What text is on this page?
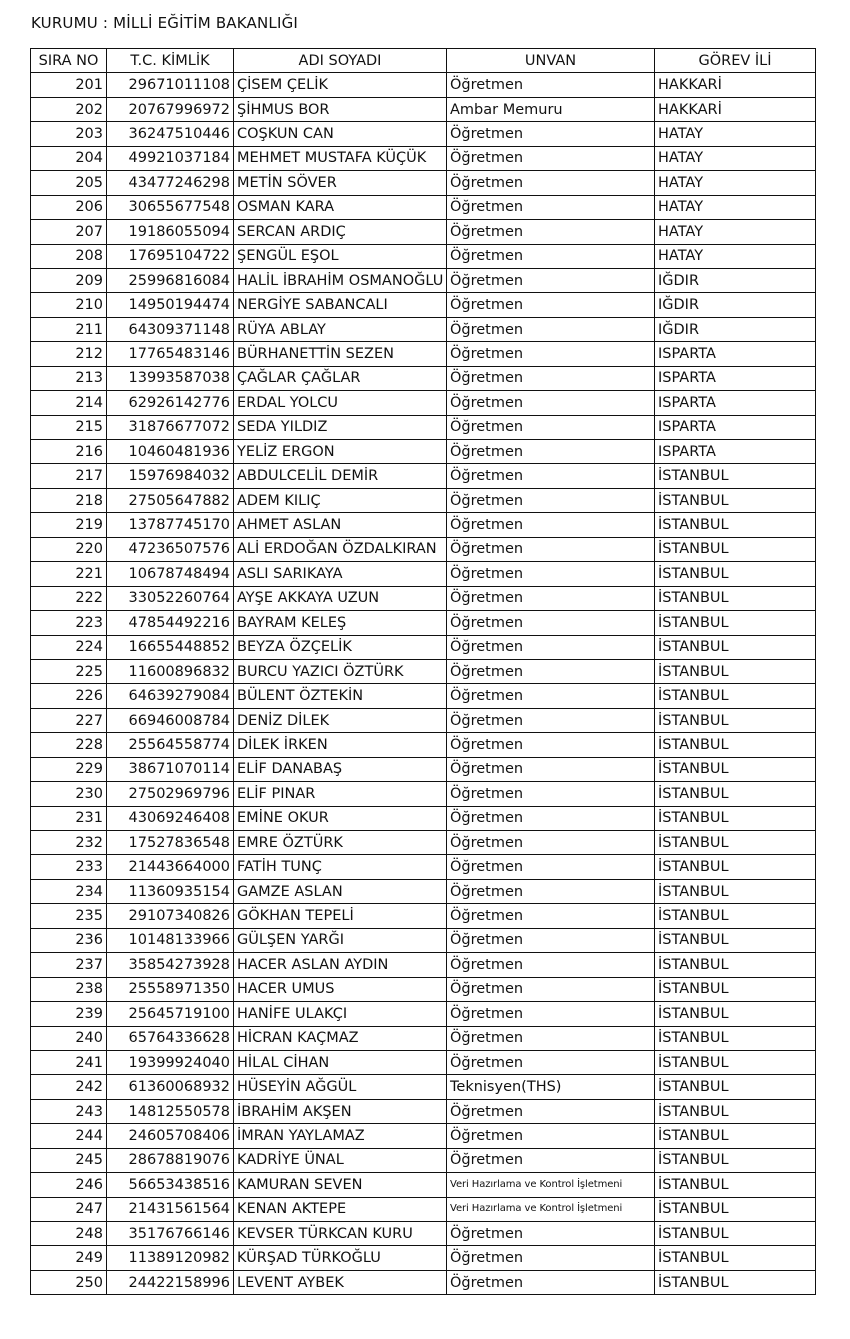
KURUMU : MİLLİ EĞİTİM BAKANLIĞI
SIRA NO	T.C. KİMLİK	ADI SOYADI	UNVAN	GÖREV İLİ
201	29671011108	ÇİSEM ÇELİK	Öğretmen	HAKKARİ
202	20767996972	ŞİHMUS BOR	Ambar Memuru	HAKKARİ
203	36247510446	COŞKUN CAN	Öğretmen	HATAY
204	49921037184	MEHMET MUSTAFA KÜÇÜK	Öğretmen	HATAY
205	43477246298	METİN SÖVER	Öğretmen	HATAY
206	30655677548	OSMAN KARA	Öğretmen	HATAY
207	19186055094	SERCAN ARDIÇ	Öğretmen	HATAY
208	17695104722	ŞENGÜL EŞOL	Öğretmen	HATAY
209	25996816084	HALİL İBRAHİM OSMANOĞLU	Öğretmen	IĞDIR
210	14950194474	NERGİYE SABANCALI	Öğretmen	IĞDIR
211	64309371148	RÜYA ABLAY	Öğretmen	IĞDIR
212	17765483146	BÜRHANETTİN SEZEN	Öğretmen	ISPARTA
213	13993587038	ÇAĞLAR ÇAĞLAR	Öğretmen	ISPARTA
214	62926142776	ERDAL YOLCU	Öğretmen	ISPARTA
215	31876677072	SEDA YILDIZ	Öğretmen	ISPARTA
216	10460481936	YELİZ ERGON	Öğretmen	ISPARTA
217	15976984032	ABDULCELİL DEMİR	Öğretmen	İSTANBUL
218	27505647882	ADEM KILIÇ	Öğretmen	İSTANBUL
219	13787745170	AHMET ASLAN	Öğretmen	İSTANBUL
220	47236507576	ALİ ERDOĞAN ÖZDALKIRAN	Öğretmen	İSTANBUL
221	10678748494	ASLI SARIKAYA	Öğretmen	İSTANBUL
222	33052260764	AYŞE AKKAYA UZUN	Öğretmen	İSTANBUL
223	47854492216	BAYRAM KELEŞ	Öğretmen	İSTANBUL
224	16655448852	BEYZA ÖZÇELİK	Öğretmen	İSTANBUL
225	11600896832	BURCU YAZICI ÖZTÜRK	Öğretmen	İSTANBUL
226	64639279084	BÜLENT ÖZTEKİN	Öğretmen	İSTANBUL
227	66946008784	DENİZ DİLEK	Öğretmen	İSTANBUL
228	25564558774	DİLEK İRKEN	Öğretmen	İSTANBUL
229	38671070114	ELİF DANABAŞ	Öğretmen	İSTANBUL
230	27502969796	ELİF PINAR	Öğretmen	İSTANBUL
231	43069246408	EMİNE OKUR	Öğretmen	İSTANBUL
232	17527836548	EMRE ÖZTÜRK	Öğretmen	İSTANBUL
233	21443664000	FATİH TUNÇ	Öğretmen	İSTANBUL
234	11360935154	GAMZE ASLAN	Öğretmen	İSTANBUL
235	29107340826	GÖKHAN TEPELİ	Öğretmen	İSTANBUL
236	10148133966	GÜLŞEN YARĞI	Öğretmen	İSTANBUL
237	35854273928	HACER ASLAN AYDIN	Öğretmen	İSTANBUL
238	25558971350	HACER UMUS	Öğretmen	İSTANBUL
239	25645719100	HANİFE ULAKÇI	Öğretmen	İSTANBUL
240	65764336628	HİCRAN KAÇMAZ	Öğretmen	İSTANBUL
241	19399924040	HİLAL CİHAN	Öğretmen	İSTANBUL
242	61360068932	HÜSEYİN AĞGÜL	Teknisyen(THS)	İSTANBUL
243	14812550578	İBRAHİM AKŞEN	Öğretmen	İSTANBUL
244	24605708406	İMRAN YAYLAMAZ	Öğretmen	İSTANBUL
245	28678819076	KADRİYE ÜNAL	Öğretmen	İSTANBUL
246	56653438516	KAMURAN SEVEN	Veri Hazırlama ve Kontrol İşletmeni	İSTANBUL
247	21431561564	KENAN AKTEPE	Veri Hazırlama ve Kontrol İşletmeni	İSTANBUL
248	35176766146	KEVSER TÜRKCAN KURU	Öğretmen	İSTANBUL
249	11389120982	KÜRŞAD TÜRKOĞLU	Öğretmen	İSTANBUL
250	24422158996	LEVENT AYBEK	Öğretmen	İSTANBUL
